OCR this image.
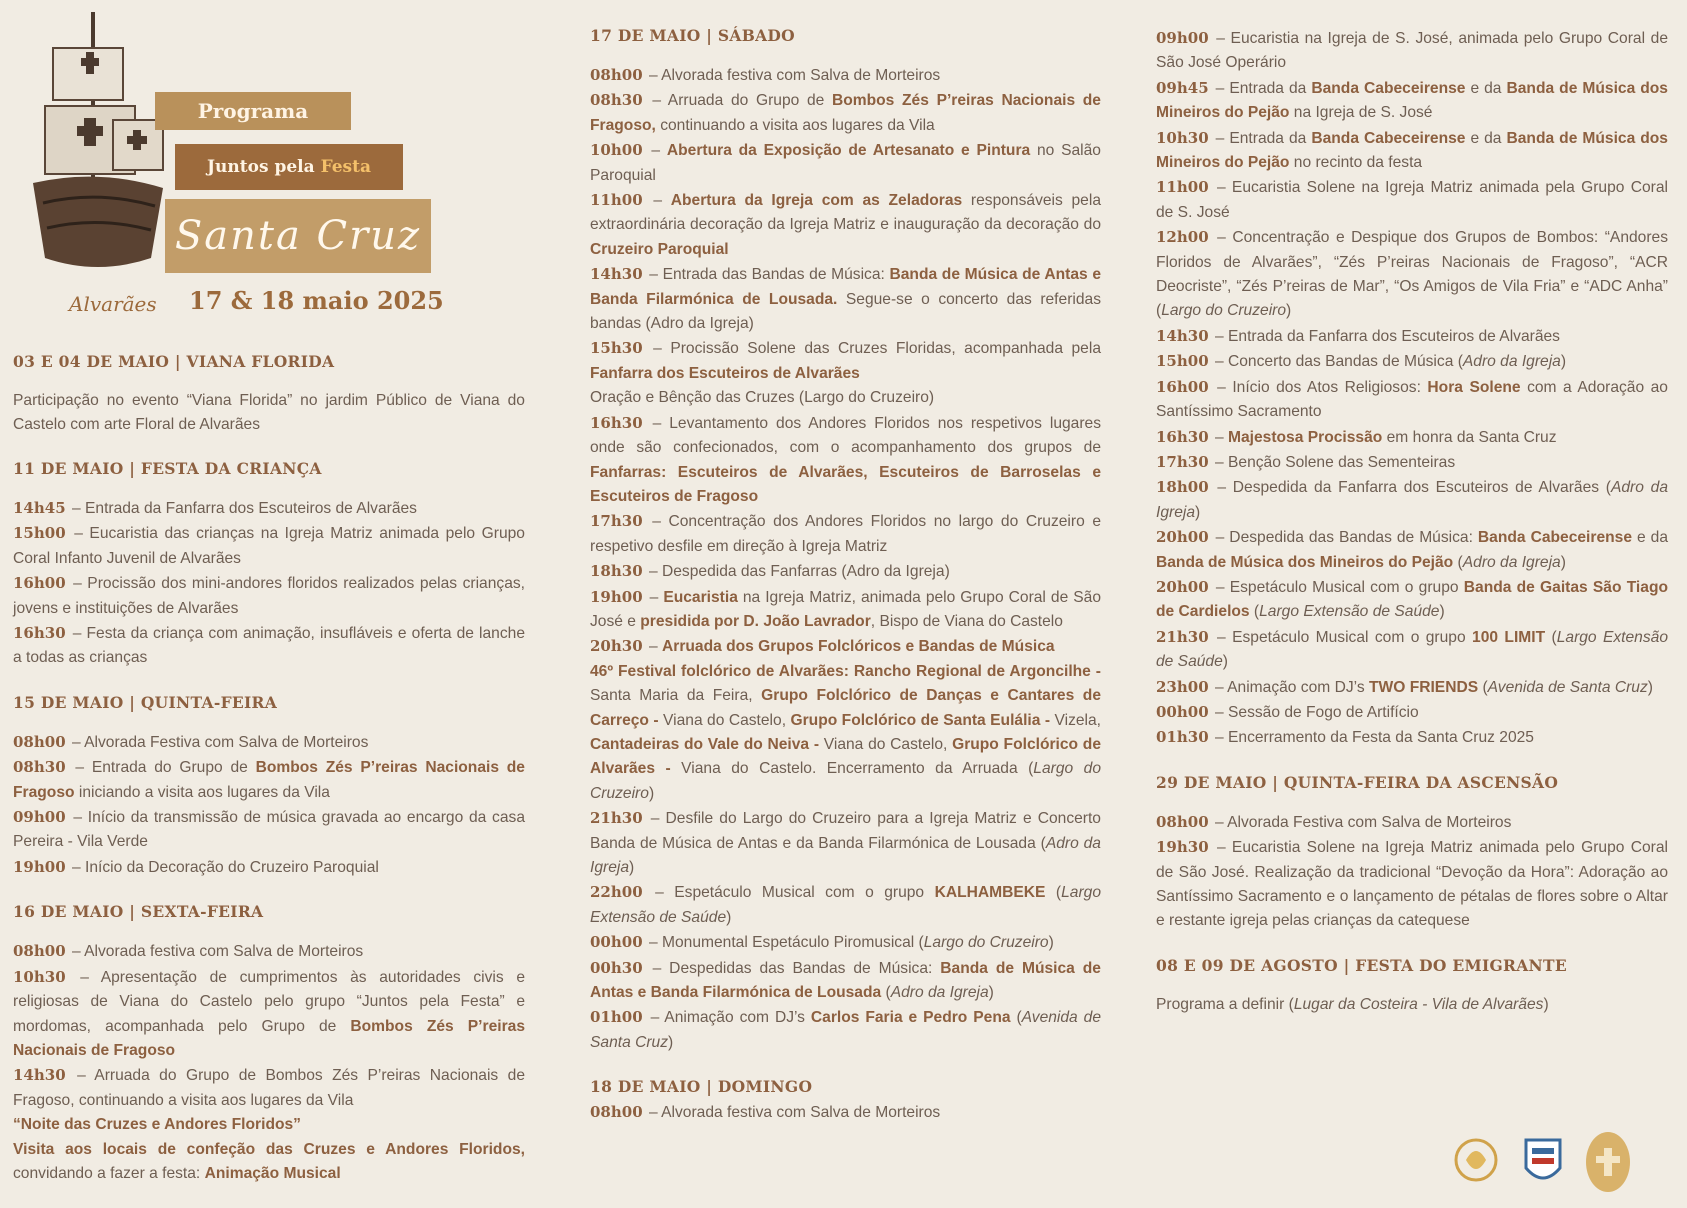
Programa
Juntos pela Festa
Santa Cruz
Alvarães 17 & 18 maio 2025
03 E 04 DE MAIO | VIANA FLORIDA

Participação no evento “Viana Florida” no jardim Público de Viana do Castelo com arte Floral de Alvarães

11 DE MAIO | FESTA DA CRIANÇA

14h45 – Entrada da Fanfarra dos Escuteiros de Alvarães

15h00 – Eucaristia das crianças na Igreja Matriz animada pelo Grupo Coral Infanto Juvenil de Alvarães

16h00 – Procissão dos mini-andores floridos realizados pelas crianças, jovens e instituições de Alvarães

16h30 – Festa da criança com animação, insufláveis e oferta de lanche a todas as crianças

15 DE MAIO | QUINTA-FEIRA

08h00 – Alvorada Festiva com Salva de Morteiros

08h30 – Entrada do Grupo de Bombos Zés P’reiras Nacionais de Fragoso iniciando a visita aos lugares da Vila

09h00 – Início da transmissão de música gravada ao encargo da casa Pereira - Vila Verde

19h00 – Início da Decoração do Cruzeiro Paroquial

16 DE MAIO | SEXTA-FEIRA

08h00 – Alvorada festiva com Salva de Morteiros

10h30 – Apresentação de cumprimentos às autoridades civis e religiosas de Viana do Castelo pelo grupo “Juntos pela Festa” e mordomas, acompanhada pelo Grupo de Bombos Zés P’reiras Nacionais de Fragoso

14h30 – Arruada do Grupo de Bombos Zés P’reiras Nacionais de Fragoso, continuando a visita aos lugares da Vila

“Noite das Cruzes e Andores Floridos”

Visita aos locais de confeção das Cruzes e Andores Floridos, convidando a fazer a festa: Animação Musical

17 DE MAIO | SÁBADO

08h00 – Alvorada festiva com Salva de Morteiros

08h30 – Arruada do Grupo de Bombos Zés P’reiras Nacionais de Fragoso, continuando a visita aos lugares da Vila

10h00 – Abertura da Exposição de Artesanato e Pintura no Salão Paroquial

11h00 – Abertura da Igreja com as Zeladoras responsáveis pela extraordinária decoração da Igreja Matriz e inauguração da decoração do Cruzeiro Paroquial

14h30 – Entrada das Bandas de Música: Banda de Música de Antas e Banda Filarmónica de Lousada. Segue-se o concerto das referidas bandas (Adro da Igreja)

15h30 – Procissão Solene das Cruzes Floridas, acompanhada pela Fanfarra dos Escuteiros de Alvarães

Oração e Bênção das Cruzes (Largo do Cruzeiro)

16h30 – Levantamento dos Andores Floridos nos respetivos lugares onde são confecionados, com o acompanhamento dos grupos de Fanfarras: Escuteiros de Alvarães, Escuteiros de Barroselas e Escuteiros de Fragoso

17h30 – Concentração dos Andores Floridos no largo do Cruzeiro e respetivo desfile em direção à Igreja Matriz

18h30 – Despedida das Fanfarras (Adro da Igreja)

19h00 – Eucaristia na Igreja Matriz, animada pelo Grupo Coral de São José e presidida por D. João Lavrador, Bispo de Viana do Castelo

20h30 – Arruada dos Grupos Folclóricos e Bandas de Música

46º Festival folclórico de Alvarães: Rancho Regional de Argoncilhe - Santa Maria da Feira, Grupo Folclórico de Danças e Cantares de Carreço - Viana do Castelo, Grupo Folclórico de Santa Eulália - Vizela, Cantadeiras do Vale do Neiva - Viana do Castelo, Grupo Folclórico de Alvarães - Viana do Castelo. Encerramento da Arruada (Largo do Cruzeiro)

21h30 – Desfile do Largo do Cruzeiro para a Igreja Matriz e Concerto Banda de Música de Antas e da Banda Filarmónica de Lousada (Adro da Igreja)

22h00 – Espetáculo Musical com o grupo KALHAMBEKE (Largo Extensão de Saúde)

00h00 – Monumental Espetáculo Piromusical (Largo do Cruzeiro)

00h30 – Despedidas das Bandas de Música: Banda de Música de Antas e Banda Filarmónica de Lousada (Adro da Igreja)

01h00 – Animação com DJ’s Carlos Faria e Pedro Pena (Avenida de Santa Cruz)

18 DE MAIO | DOMINGO

08h00 – Alvorada festiva com Salva de Morteiros

09h00 – Eucaristia na Igreja de S. José, animada pelo Grupo Coral de São José Operário

09h45 – Entrada da Banda Cabeceirense e da Banda de Música dos Mineiros do Pejão na Igreja de S. José

10h30 – Entrada da Banda Cabeceirense e da Banda de Música dos Mineiros do Pejão no recinto da festa

11h00 – Eucaristia Solene na Igreja Matriz animada pela Grupo Coral de S. José

12h00 – Concentração e Despique dos Grupos de Bombos: “Andores Floridos de Alvarães”, “Zés P’reiras Nacionais de Fragoso”, “ACR Deocriste”, “Zés P’reiras de Mar”, “Os Amigos de Vila Fria” e “ADC Anha” (Largo do Cruzeiro)

14h30 – Entrada da Fanfarra dos Escuteiros de Alvarães

15h00 – Concerto das Bandas de Música (Adro da Igreja)

16h00 – Início dos Atos Religiosos: Hora Solene com a Adoração ao Santíssimo Sacramento

16h30 – Majestosa Procissão em honra da Santa Cruz

17h30 – Benção Solene das Sementeiras

18h00 – Despedida da Fanfarra dos Escuteiros de Alvarães (Adro da Igreja)

20h00 – Despedida das Bandas de Música: Banda Cabeceirense e da Banda de Música dos Mineiros do Pejão (Adro da Igreja)

20h00 – Espetáculo Musical com o grupo Banda de Gaitas São Tiago de Cardielos (Largo Extensão de Saúde)

21h30 – Espetáculo Musical com o grupo 100 LIMIT (Largo Extensão de Saúde)

23h00 – Animação com DJ’s TWO FRIENDS (Avenida de Santa Cruz)

00h00 – Sessão de Fogo de Artifício

01h30 – Encerramento da Festa da Santa Cruz 2025

29 DE MAIO | QUINTA-FEIRA DA ASCENSÃO

08h00 – Alvorada Festiva com Salva de Morteiros

19h30 – Eucaristia Solene na Igreja Matriz animada pelo Grupo Coral de São José. Realização da tradicional “Devoção da Hora”: Adoração ao Santíssimo Sacramento e o lançamento de pétalas de flores sobre o Altar e restante igreja pelas crianças da catequese

08 E 09 DE AGOSTO | FESTA DO EMIGRANTE

Programa a definir (Lugar da Costeira - Vila de Alvarães)
